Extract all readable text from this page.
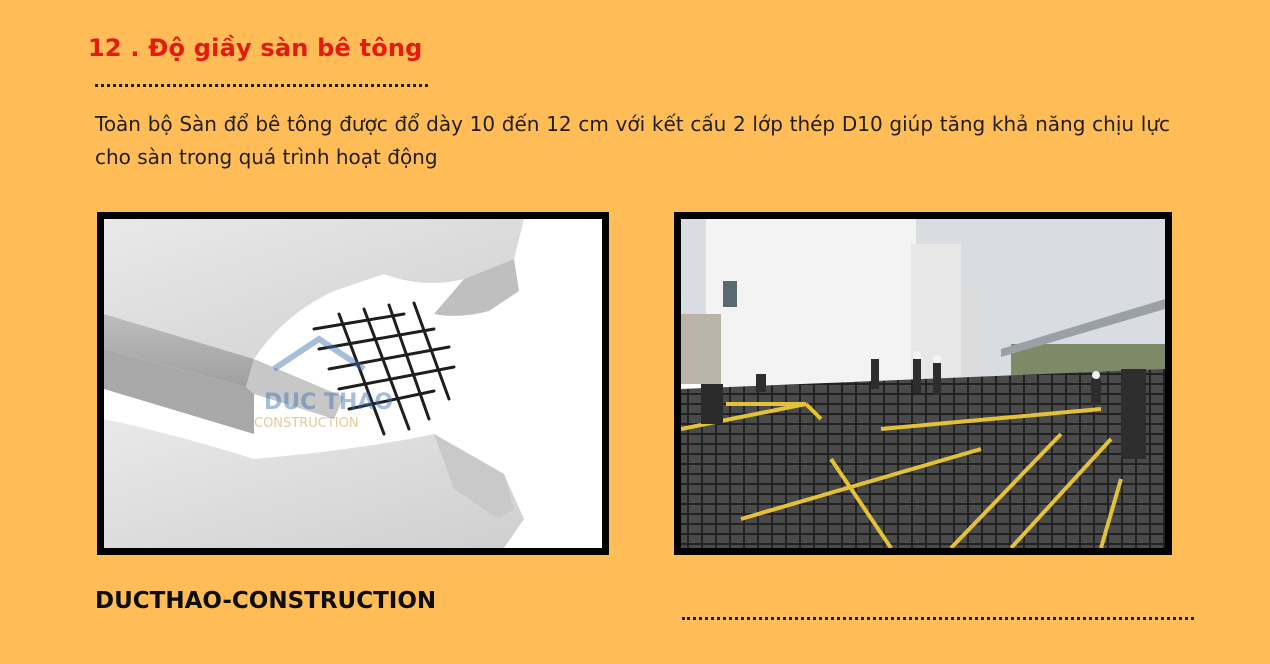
12 . Độ giầy sàn bê tông
Toàn bộ Sàn đổ bê tông được đổ dày 10 đến 12 cm với kết cấu 2 lớp thép D10 giúp tăng khả năng chịu lực cho sàn trong quá trình hoạt động
DUC THAO
CONSTRUCTION
DUCTHAO-CONSTRUCTION
